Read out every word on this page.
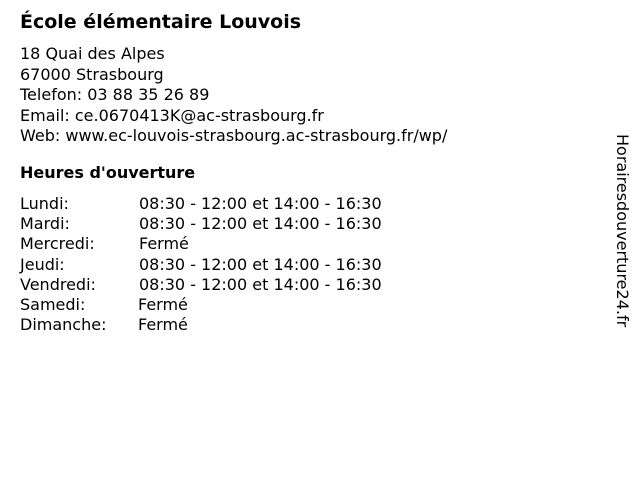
École élémentaire Louvois
18 Quai des Alpes
67000 Strasbourg
Telefon: 03 88 35 26 89
Email: ce.0670413K@ac-strasbourg.fr
Web: www.ec-louvois-strasbourg.ac-strasbourg.fr/wp/
Heures d'ouverture
Lundi:	08:30 - 12:00 et 14:00 - 16:30
Mardi:	08:30 - 12:00 et 14:00 - 16:30
Mercredi:	Fermé
Jeudi:	08:30 - 12:00 et 14:00 - 16:30
Vendredi:	08:30 - 12:00 et 14:00 - 16:30
Samedi:	Fermé
Dimanche: Fermé	Horairesdouverture24.fr
